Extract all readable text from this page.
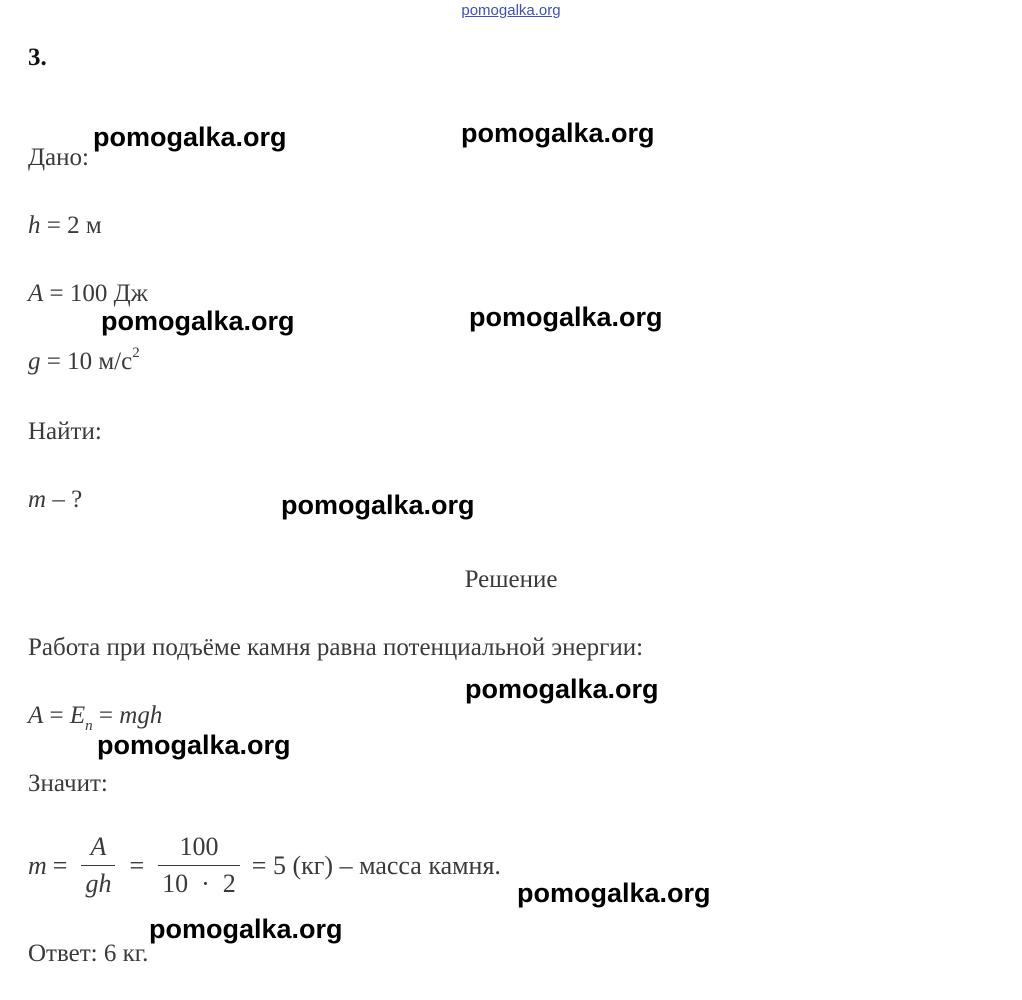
pomogalka.org
3.
Дано:
h = 2 м
A = 100 Дж
g = 10 $м/с^2$
Найти:
m – ?
Решение
Работа при подъёме камня равна потенциальной энергии:
$A = E_п$ = mgh
Значит:
$m = \frac{A}{gh} = \frac{100}{10 \cdot 2} = 5$ (кг) – масса камня.
Ответ: 6 кг.
pomogalka.org	pomogalka.org
pomogalka.org	pomogalka.org
pomogalka.org
pomogalka.org
pomogalka.org
pomogalka.org
pomogalka.org
